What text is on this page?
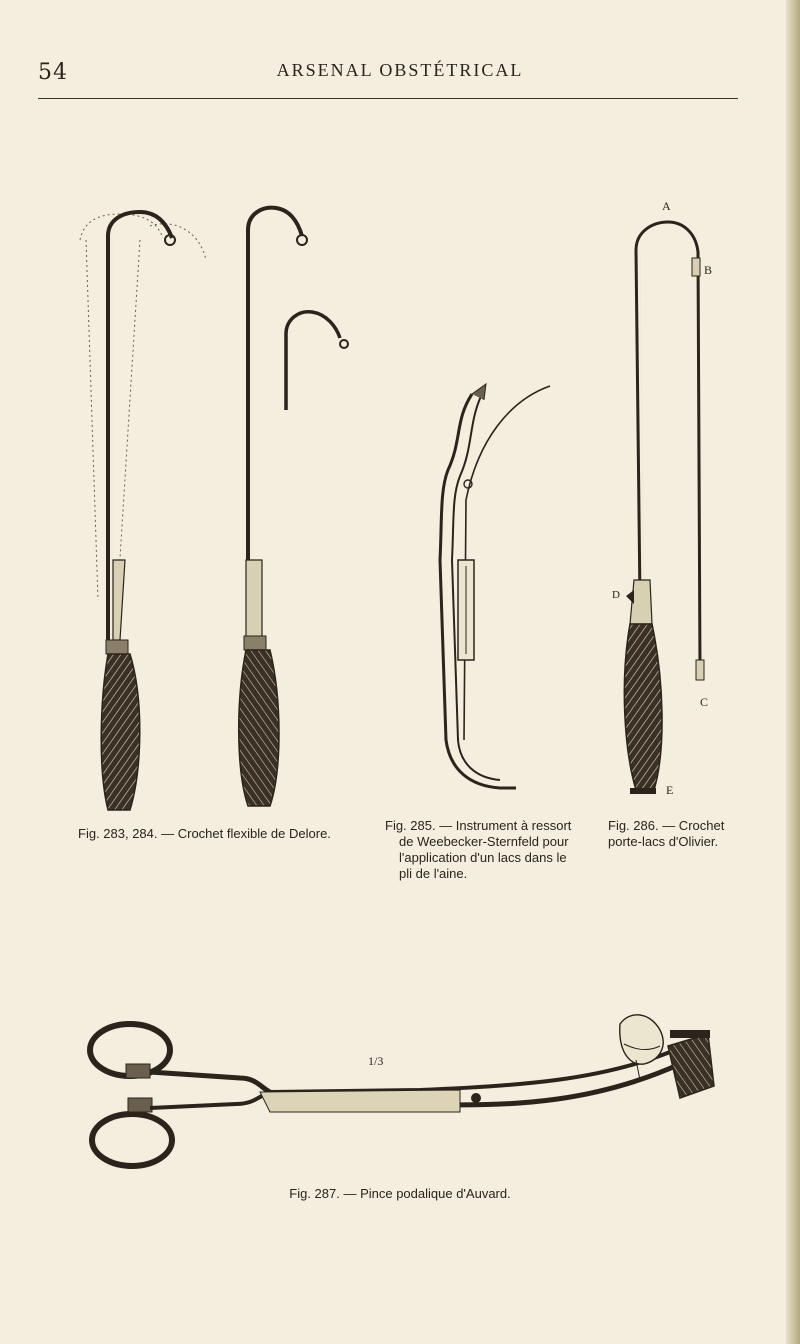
54	ARSENAL OBSTÉTRICAL
A
B
C
D
E
1/3
Fig. 283, 284. — Crochet flexible de Delore.
Fig. 285. — Instrument à ressort
de Weebecker-Sternfeld pour
l'application d'un lacs dans le
pli de l'aine.
Fig. 286. — Crochet
porte-lacs d'Olivier.
Fig. 287. — Pince podalique d'Auvard.
